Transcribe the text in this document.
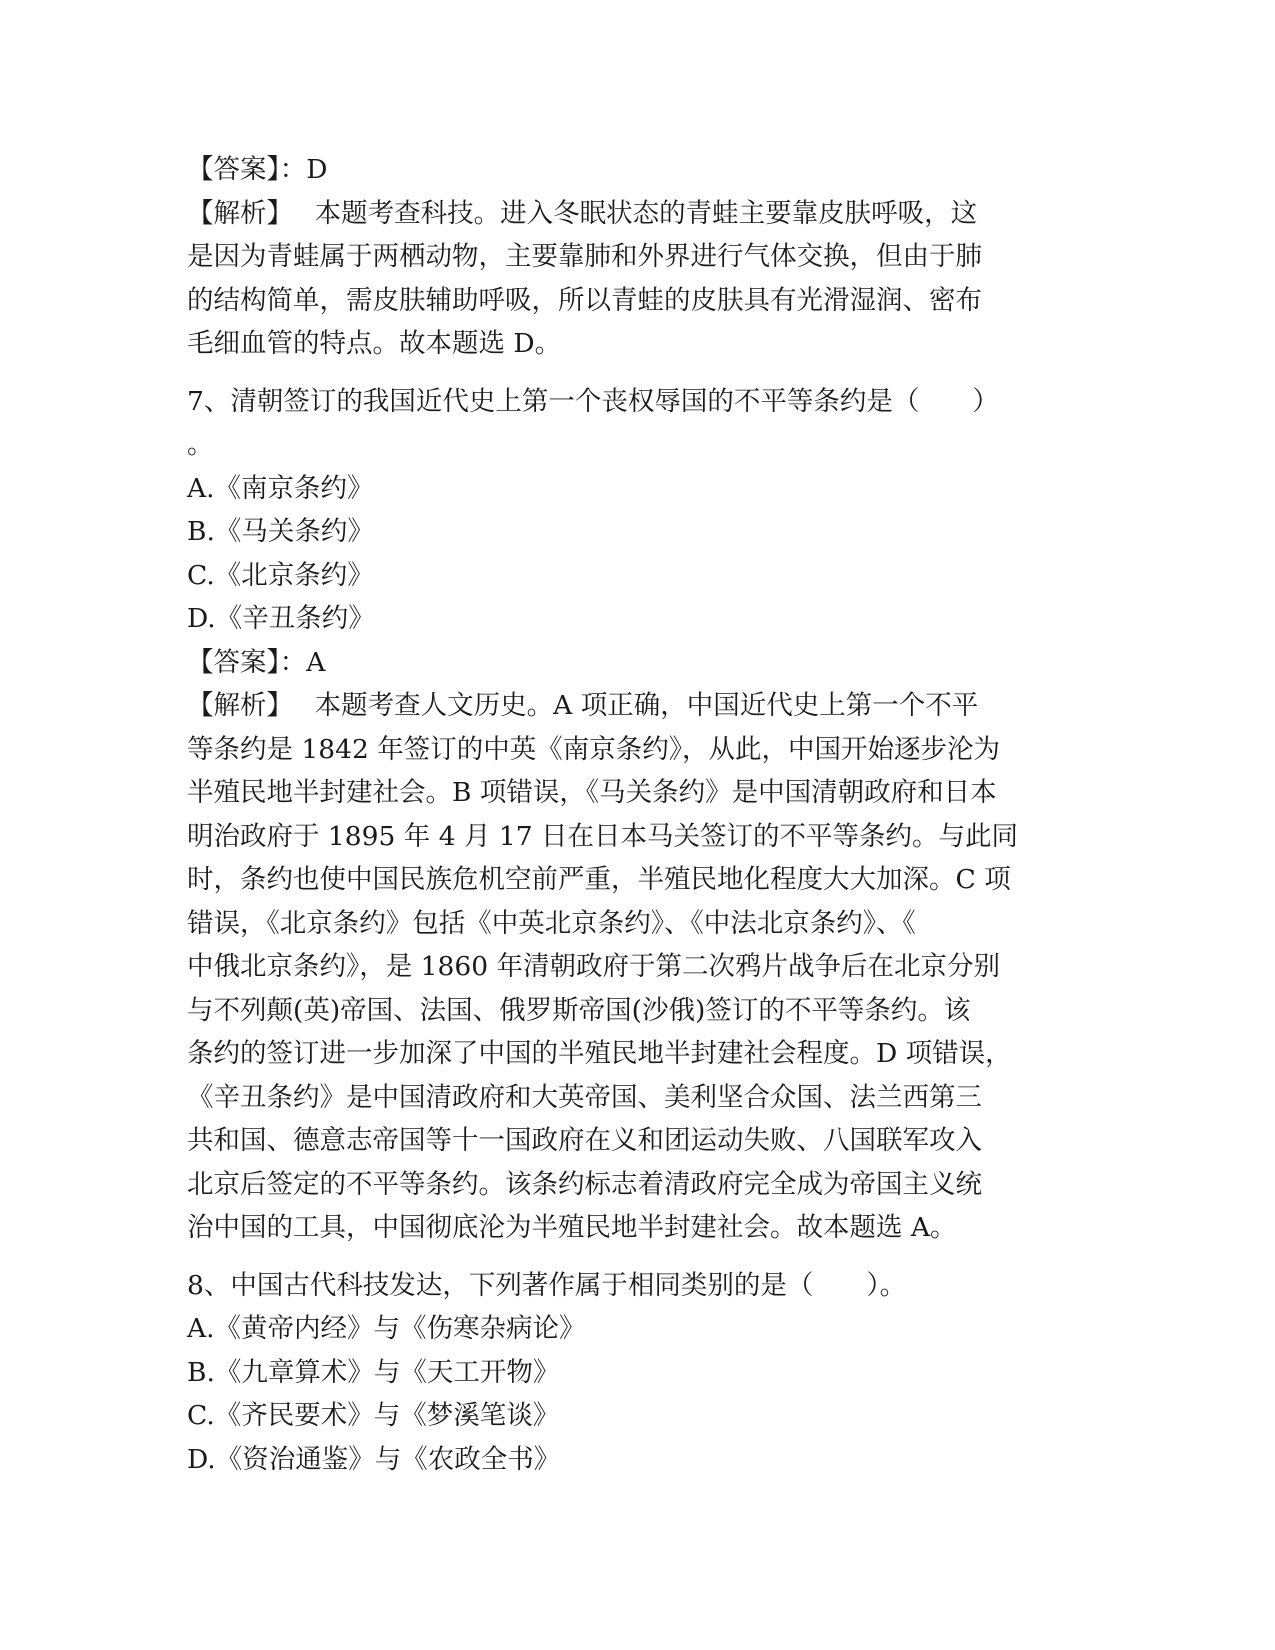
【答案】：D
【解析】　 本题考查科技。进入冬眠状态的青蛙主要靠皮肤呼吸，这
是因为青蛙属于两栖动物，主要靠肺和外界进行气体交换，但由于肺
的结构简单，需皮肤辅助呼吸，所以青蛙的皮肤具有光滑湿润、密布
毛细血管的特点。故本题选 D。
7、清朝签订的我国近代史上第一个丧权辱国的不平等条约是（　　）
。
A.《南京条约》
B.《马关条约》
C.《北京条约》
D.《辛丑条约》
【答案】：A
【解析】　 本题考查人文历史。A 项正确，中国近代史上第一个不平
等条约是 1842 年签订的中英《南京条约》，从此，中国开始逐步沦为
半殖民地半封建社会。B 项错误，《马关条约》是中国清朝政府和日本
明治政府于 1895 年 4 月 17 日在日本马关签订的不平等条约。与此同
时，条约也使中国民族危机空前严重，半殖民地化程度大大加深。C 项
错误，《北京条约》包括《中英北京条约》、《中法北京条约》、《
中俄北京条约》，是 1860 年清朝政府于第二次鸦片战争后在北京分别
与不列颠(英)帝国、法国、俄罗斯帝国(沙俄)签订的不平等条约。该
条约的签订进一步加深了中国的半殖民地半封建社会程度。D 项错误，
《辛丑条约》是中国清政府和大英帝国、美利坚合众国、法兰西第三
共和国、德意志帝国等十一国政府在义和团运动失败、八国联军攻入
北京后签定的不平等条约。该条约标志着清政府完全成为帝国主义统
治中国的工具，中国彻底沦为半殖民地半封建社会。故本题选 A。
8、中国古代科技发达，下列著作属于相同类别的是（　　）。
A.《黄帝内经》与《伤寒杂病论》
B.《九章算术》与《天工开物》
C.《齐民要术》与《梦溪笔谈》
D.《资治通鉴》与《农政全书》
